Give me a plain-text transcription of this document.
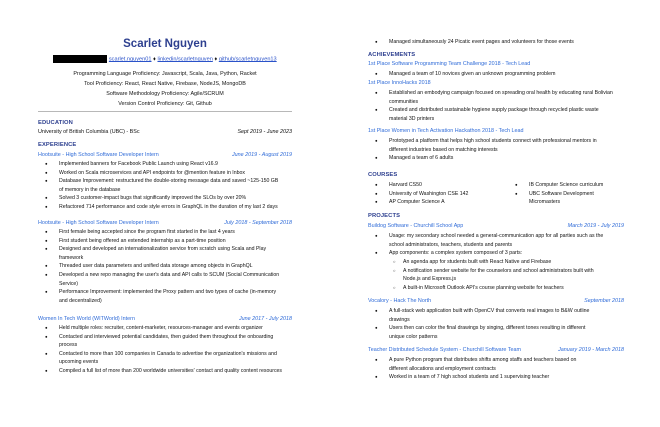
Scarlet Nguyen
scarlet.nguyen01 ♦ linkedin/scarletnguyen ♦ github/scarletnguyen13
Programming Language Proficiency: Javascript, Scala, Java, Python, Racket
Tool Proficiency: React, React Native, Firebase, NodeJS, MongoDB
Software Methodology Proficiency: Agile/SCRUM
Version Control Proficiency: Git, Github
EDUCATION
University of British Columbia (UBC) - BSc	Sept 2019 - June 2023
EXPERIENCE
Hootsuite - High School Software Developer Intern	June 2019 - August 2019
● Implemented banners for Facebook Public Launch using React v16.9
● Worked on Scala microservices and API endpoints for @mention feature in Inbox
● Database Improvement: restructured the double-storing message data and saved ~125-150 GB
of memory in the database
● Solved 3 customer-impact bugs that significantly improved the SLOs by over 20%
● Refactored 714 performance and code style errors in GraphQL in the duration of my last 2 days
Hootsuite - High School Software Developer Intern	July 2018 - September 2018
● First female being accepted since the program first started in the last 4 years
● First student being offered an extended internship as a part-time position
● Designed and developed an internationalization service from scratch using Scala and Play
framework
● Threaded user data parameters and unified data storage among objects in GraphQL
● Developed a new repo managing the user's data and API calls to SCUM (Social Communication
Service)
● Performance Improvement: implemented the Proxy pattern and two types of cache (in-memory
and decentralized)
Women In Tech World (WITWorld) Intern	June 2017 - July 2018
● Held multiple roles: recruiter, content-marketer, resources-manager and events organizer
● Contacted and interviewed potential candidates, then guided them throughout the onboarding
process
● Contacted to more than 100 companies in Canada to advertise the organization's missions and
upcoming events
● Compiled a full list of more than 200 worldwide universities' contact and quality content resources
● Managed simultaneously 24 Picatic event pages and volunteers for those events
ACHIEVEMENTS
1st Place Software Programming Team Challenge 2018 - Tech Lead
● Managed a team of 10 novices given an unknown programming problem
1st Place InnoHacks 2018
● Established an embodying campaign focused on spreading oral health by educating rural Bolivian
communities
● Created and distributed sustainable hygiene supply package through recycled plastic waste
material 3D printers
1st Place Women in Tech Activation Hackathon 2018 - Tech Lead
● Prototyped a platform that helps high school students connect with professional mentors in
different industries based on matching interests
● Managed a team of 6 adults
COURSES
● Harvard CS50
● University of Washington CSE 142
● AP Computer Science A
● IB Computer Science curriculum
● UBC Software Development
Micromasters
PROJECTS
Buildog Software - Churchill School App	March 2019 - July 2019
● Usage: my secondary school needed a general-communication app for all parties such as the
school administrators, teachers, students and parents
● App components: a complex system composed of 3 parts:
○ An agenda app for students built with React Native and Firebase
○ A notification sender website for the counselors and school administrators built with
Node.js and Express.js
○ A built-in Microsoft Outlook API's course planning website for teachers
Vocalory - Hack The North	September 2018
● A full-stack web application built with OpenCV that converts real images to B&W outline
drawings
● Users then can color the final drawings by singing, different tones resulting in different
unique color patterns
Teacher Distributed Schedule System - Churchill Software Team	January 2019 - March 2018
● A pure Python program that distributes shifts among staffs and teachers based on
different allocations and employment contracts
● Worked in a team of 7 high school students and 1 supervising teacher
